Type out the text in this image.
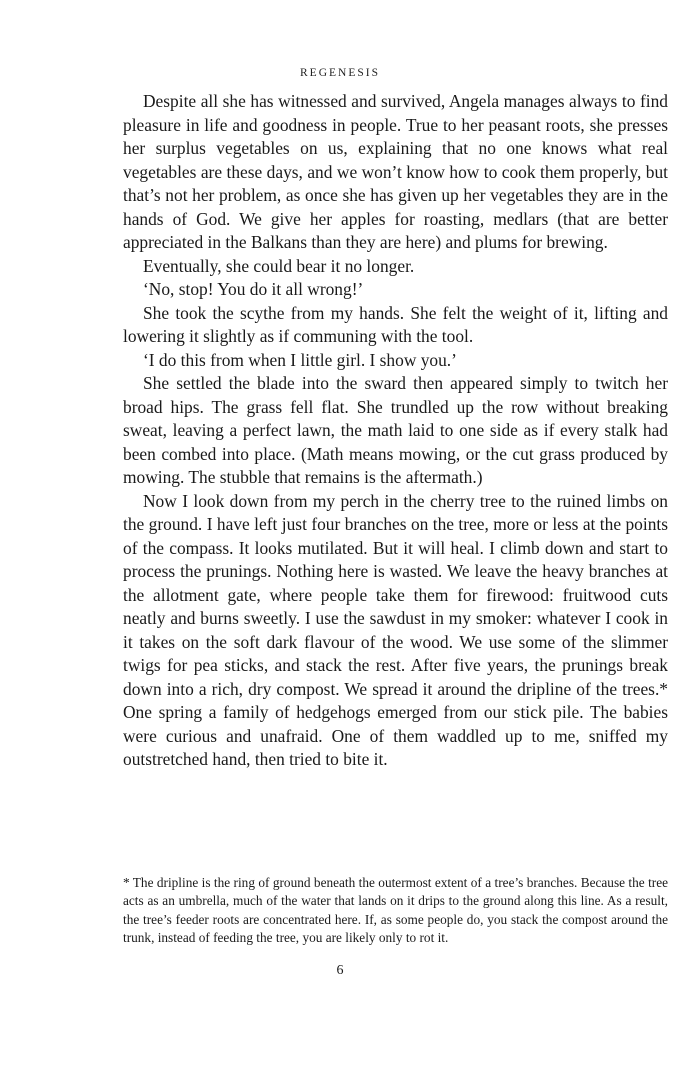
REGENESIS

Despite all she has witnessed and survived, Angela manages always to find pleasure in life and goodness in people. True to her peasant roots, she presses her surplus vegetables on us, explaining that no one knows what real vegetables are these days, and we won’t know how to cook them properly, but that’s not her problem, as once she has given up her vegetables they are in the hands of God. We give her apples for roasting, medlars (that are better appreciated in the Balkans than they are here) and plums for brewing.

Eventually, she could bear it no longer.

‘No, stop! You do it all wrong!’

She took the scythe from my hands. She felt the weight of it, lifting and lowering it slightly as if communing with the tool.

‘I do this from when I little girl. I show you.’

She settled the blade into the sward then appeared simply to twitch her broad hips. The grass fell flat. She trundled up the row without breaking sweat, leaving a perfect lawn, the math laid to one side as if every stalk had been combed into place. (Math means mowing, or the cut grass produced by mowing. The stubble that remains is the aftermath.)

Now I look down from my perch in the cherry tree to the ruined limbs on the ground. I have left just four branches on the tree, more or less at the points of the compass. It looks mutilated. But it will heal. I climb down and start to process the prunings. Nothing here is wasted. We leave the heavy branches at the allotment gate, where people take them for firewood: fruitwood cuts neatly and burns sweetly. I use the sawdust in my smoker: whatever I cook in it takes on the soft dark flavour of the wood. We use some of the slimmer twigs for pea sticks, and stack the rest. After five years, the prunings break down into a rich, dry compost. We spread it around the dripline of the trees.* One spring a family of hedgehogs emerged from our stick pile. The babies were curious and unafraid. One of them waddled up to me, sniffed my outstretched hand, then tried to bite it.

* The dripline is the ring of ground beneath the outermost extent of a tree’s branches. Because the tree acts as an umbrella, much of the water that lands on it drips to the ground along this line. As a result, the tree’s feeder roots are concentrated here. If, as some people do, you stack the compost around the trunk, instead of feeding the tree, you are likely only to rot it.

6
